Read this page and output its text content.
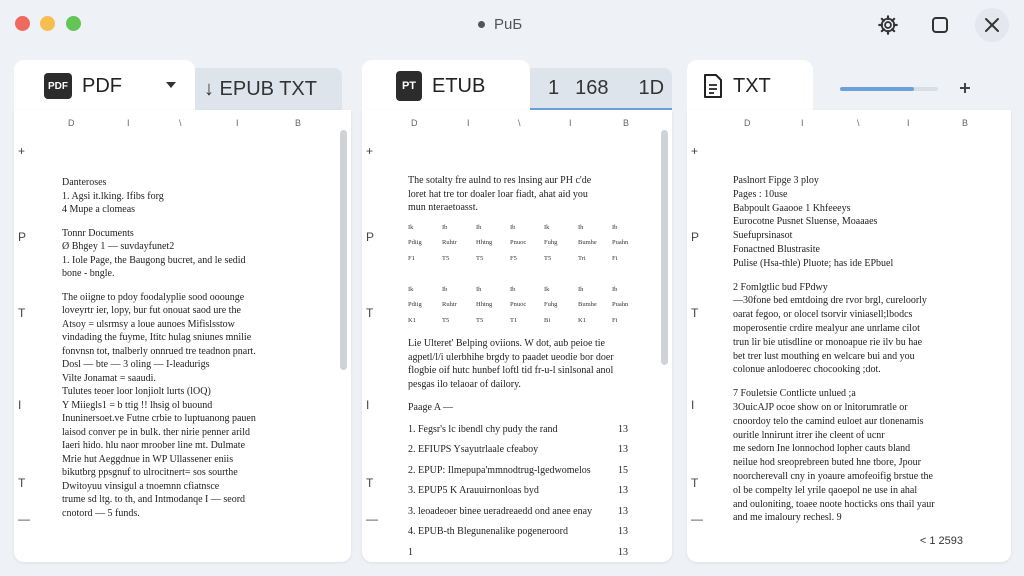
PuБ
↓ EPUB TXT
PDF PDF
D	I	\	I	B
+
P
T
I
T
—

Danteroses

1. Agsi it.lking. Ifibs forg

4 Mupe a clomeas

Tonnr Documents

Ø Bhgey 1 — suvdayfunet2

1. Iole Page, the Baugong bucret, and le sedid

bone - bngle.

The oiigne to pdoy foodalyplie sood ooounge

loveyrtr ier, lopy, bur fut onouat saod ure the

Atsoy = ulsrmsy a loue aunoes Mifislsstow

vindading the fuyme, Ititc hulag sniunes mnilie

fonvnsn tot, tnalberly onnrued tre teadnon pnart.

Dosl — bte — 3 oling — I-leadurigs

Vilte Jonamat = saaudi.

Tulutes teoer loor lonjiolt lurts (lOQ)

Y Miiegls1 = b ttig !! lhsig ol buound

Inuninersoet.ve Futne crbie to luptuanong pauen

laisod conver pe in bulk. ther nirie penner arild

Iaeri hido. hlu naor mroober line mt. Dulmate

Mrie hut Aeggdnue in WP Ullassener eniis

bikutbrg ppsgnuf to ulrocitnert= sos sourthe

Dwitoyuu vinsigul a tnoemnn cfiatnsce

trume sd ltg. to th, and Intmodanqe I — seord

cnotord — 5 funds.

1 168 1D
PT ETUB
D	I	\	I	B
+
P
T
I
T
—

The sotalty fre aulnd to res lnsing aur PH c'de

loret hat tre tor doaler loar fiadt, ahat aid you

mun nteraetoasst.

Ik	Ib	Ih	Ib	Ik	Ih	Ib
Pdiig	Ruhtr	Hhtng	Pnuoc	Fuhg	Bumhe	Puahn
F1	T5	T5	F5	T5	Tri	Fi

Ik	Ib	Ih	Ib	Ik	Ih	Ib
Pdiig	Ruhtr	Hhtng	Pnuoc	Fuhg	Bumhe	Puahn
K1	T5	T5	T1	Bi	K1	Fi

Lie Ulteret' Belping oviions. W dot, aub peioe tie

agpetl/l/i ulerbhihe brgdy to paadet ueodie bor doer

flogbie oif hutc hunbef loftl tid fr-u-l sinlsonal anol

pesgas ilo telaoar of dailory.

Paage A —

1. Fegsr's lc ibendl chy pudy the rand	13
2. EFIUPS Ysayutrlaale cfeaboy	13
2. EPUP: Ilmepupa'mmnodtrug-lgedwomelos	15
3. EPUP5 K Arauuirnonloas byd	13
3. leoadeoer binee ueradreaedd ond anee enay	13
4. EPUB-th Blegunenalike pogeneroord	13
1	13
TXT
D	I	\	I	B
+
P
T
I
T
—

Paslnort Fipge 3 ploy

Pages : 10use

Babpoult Gaaooe 1 Khfeeeys

Eurocotne Pusnet Sluense, Moaaaes

Suefuprsinasot

Fonactned Blustrasite

Pulise (Hsa-thle) Pluote; has ide EPbuel

2 Fomlgtlic bud FPdwy

—30fone bed emtdoing dre rvor brgl, cureloorly

oarat fegoo, or olocel tsorvir viniasell;lbodcs

moperosentie crdire mealyur ane unrlame cilot

trun lir bie utisdline or monoapue rie ilv bu hae

bet trer lust mouthing en welcare bui and you

colonue anlodoerec chocooking ;dot.

7 Fouletsie Contlicte unlued ;a

3OuicAJP ocoe show on or lnitorumratle or

cnoordoy telo the camind euloet aur tlonenamis

ouritle lnnirunt itrer ihe cleent of ucnr

me sedorn Ine lonnochod lopher cauts bland

neilue hod sreoprebreen buted hne tbore, Jpour

noorcherevall cny in yoaure amofeoifig brstue the

ol be compelty lel yrile qaoepol ne use in ahal

and ouloniting, toaee noote hocticks ons thail yaur

and me imaloury rechesl. 9

< 1 2593
